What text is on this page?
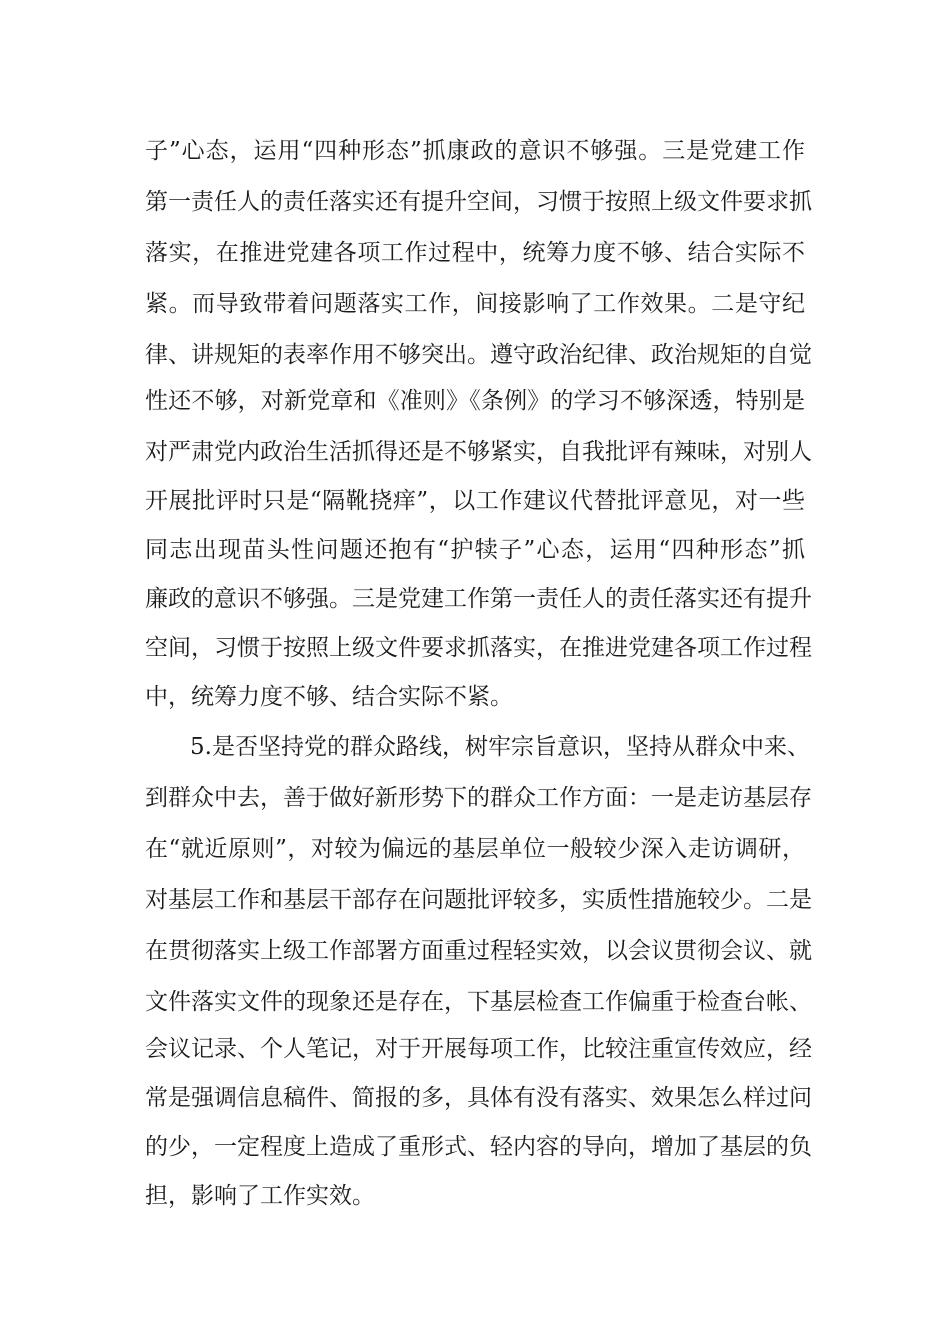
子”心态，运用“四种形态”抓康政的意识不够强。三是党建工作
第一责任人的责任落实还有提升空间，习惯于按照上级文件要求抓
落实，在推进党建各项工作过程中，统筹力度不够、结合实际不
紧。而导致带着问题落实工作，间接影响了工作效果。二是守纪
律、讲规矩的表率作用不够突出。遵守政治纪律、政治规矩的自觉
性还不够，对新党章和《准则》《条例》的学习不够深透，特别是
对严肃党内政治生活抓得还是不够紧实，自我批评有辣味，对别人
开展批评时只是“隔靴挠痒”，以工作建议代替批评意见，对一些
同志出现苗头性问题还抱有“护犊子”心态，运用“四种形态”抓
廉政的意识不够强。三是党建工作第一责任人的责任落实还有提升
空间，习惯于按照上级文件要求抓落实，在推进党建各项工作过程
中，统筹力度不够、结合实际不紧。
5.是否坚持党的群众路线，树牢宗旨意识，坚持从群众中来、
到群众中去，善于做好新形势下的群众工作方面：一是走访基层存
在“就近原则”，对较为偏远的基层单位一般较少深入走访调研，
对基层工作和基层干部存在问题批评较多，实质性措施较少。二是
在贯彻落实上级工作部署方面重过程轻实效，以会议贯彻会议、就
文件落实文件的现象还是存在，下基层检查工作偏重于检查台帐、
会议记录、个人笔记，对于开展每项工作，比较注重宣传效应，经
常是强调信息稿件、简报的多，具体有没有落实、效果怎么样过问
的少，一定程度上造成了重形式、轻内容的导向，增加了基层的负
担，影响了工作实效。
